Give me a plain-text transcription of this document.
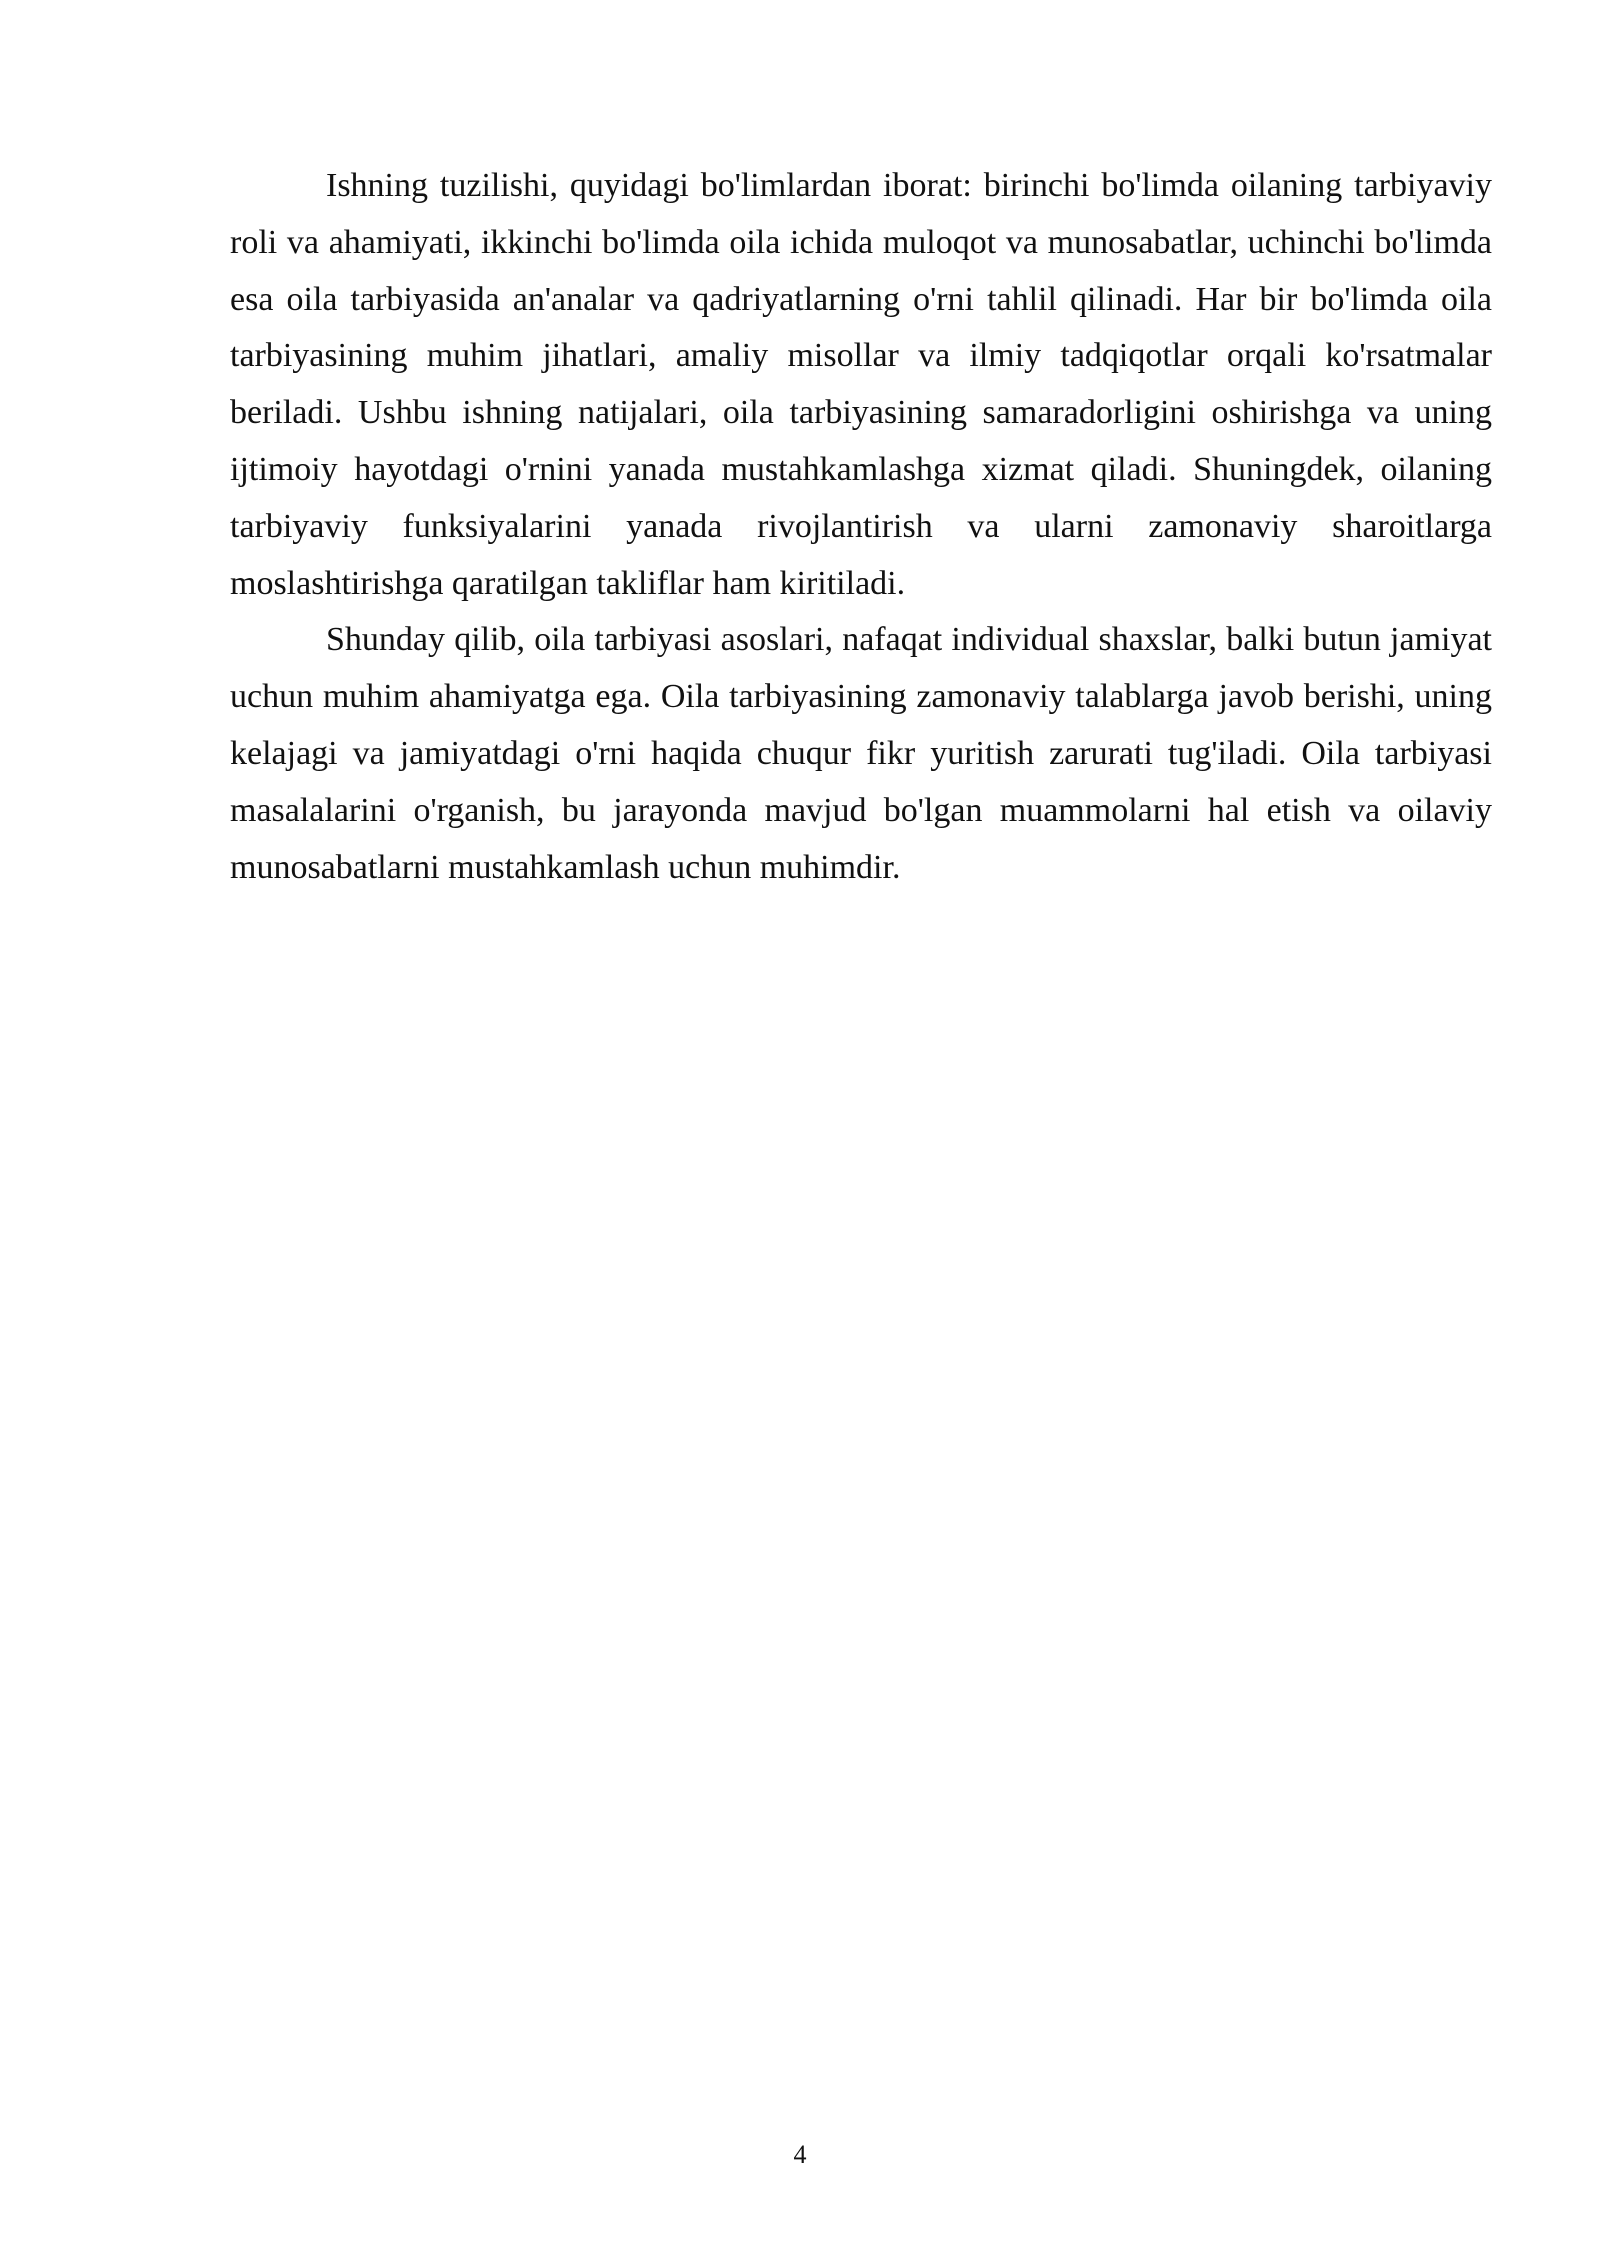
Ishning tuzilishi, quyidagi bo'limlardan iborat: birinchi bo'limda oilaning tarbiyaviy roli va ahamiyati, ikkinchi bo'limda oila ichida muloqot va munosabatlar, uchinchi bo'limda esa oila tarbiyasida an'analar va qadriyatlarning o'rni tahlil qilinadi. Har bir bo'limda oila tarbiyasining muhim jihatlari, amaliy misollar va ilmiy tadqiqotlar orqali ko'rsatmalar beriladi. Ushbu ishning natijalari, oila tarbiyasining samaradorligini oshirishga va uning ijtimoiy hayotdagi o'rnini yanada mustahkamlashga xizmat qiladi. Shuningdek, oilaning tarbiyaviy funksiyalarini yanada rivojlantirish va ularni zamonaviy sharoitlarga moslashtirishga qaratilgan takliflar ham kiritiladi.

Shunday qilib, oila tarbiyasi asoslari, nafaqat individual shaxslar, balki butun jamiyat uchun muhim ahamiyatga ega. Oila tarbiyasining zamonaviy talablarga javob berishi, uning kelajagi va jamiyatdagi o'rni haqida chuqur fikr yuritish zarurati tug'iladi. Oila tarbiyasi masalalarini o'rganish, bu jarayonda mavjud bo'lgan muammolarni hal etish va oilaviy munosabatlarni mustahkamlash uchun muhimdir.

4
